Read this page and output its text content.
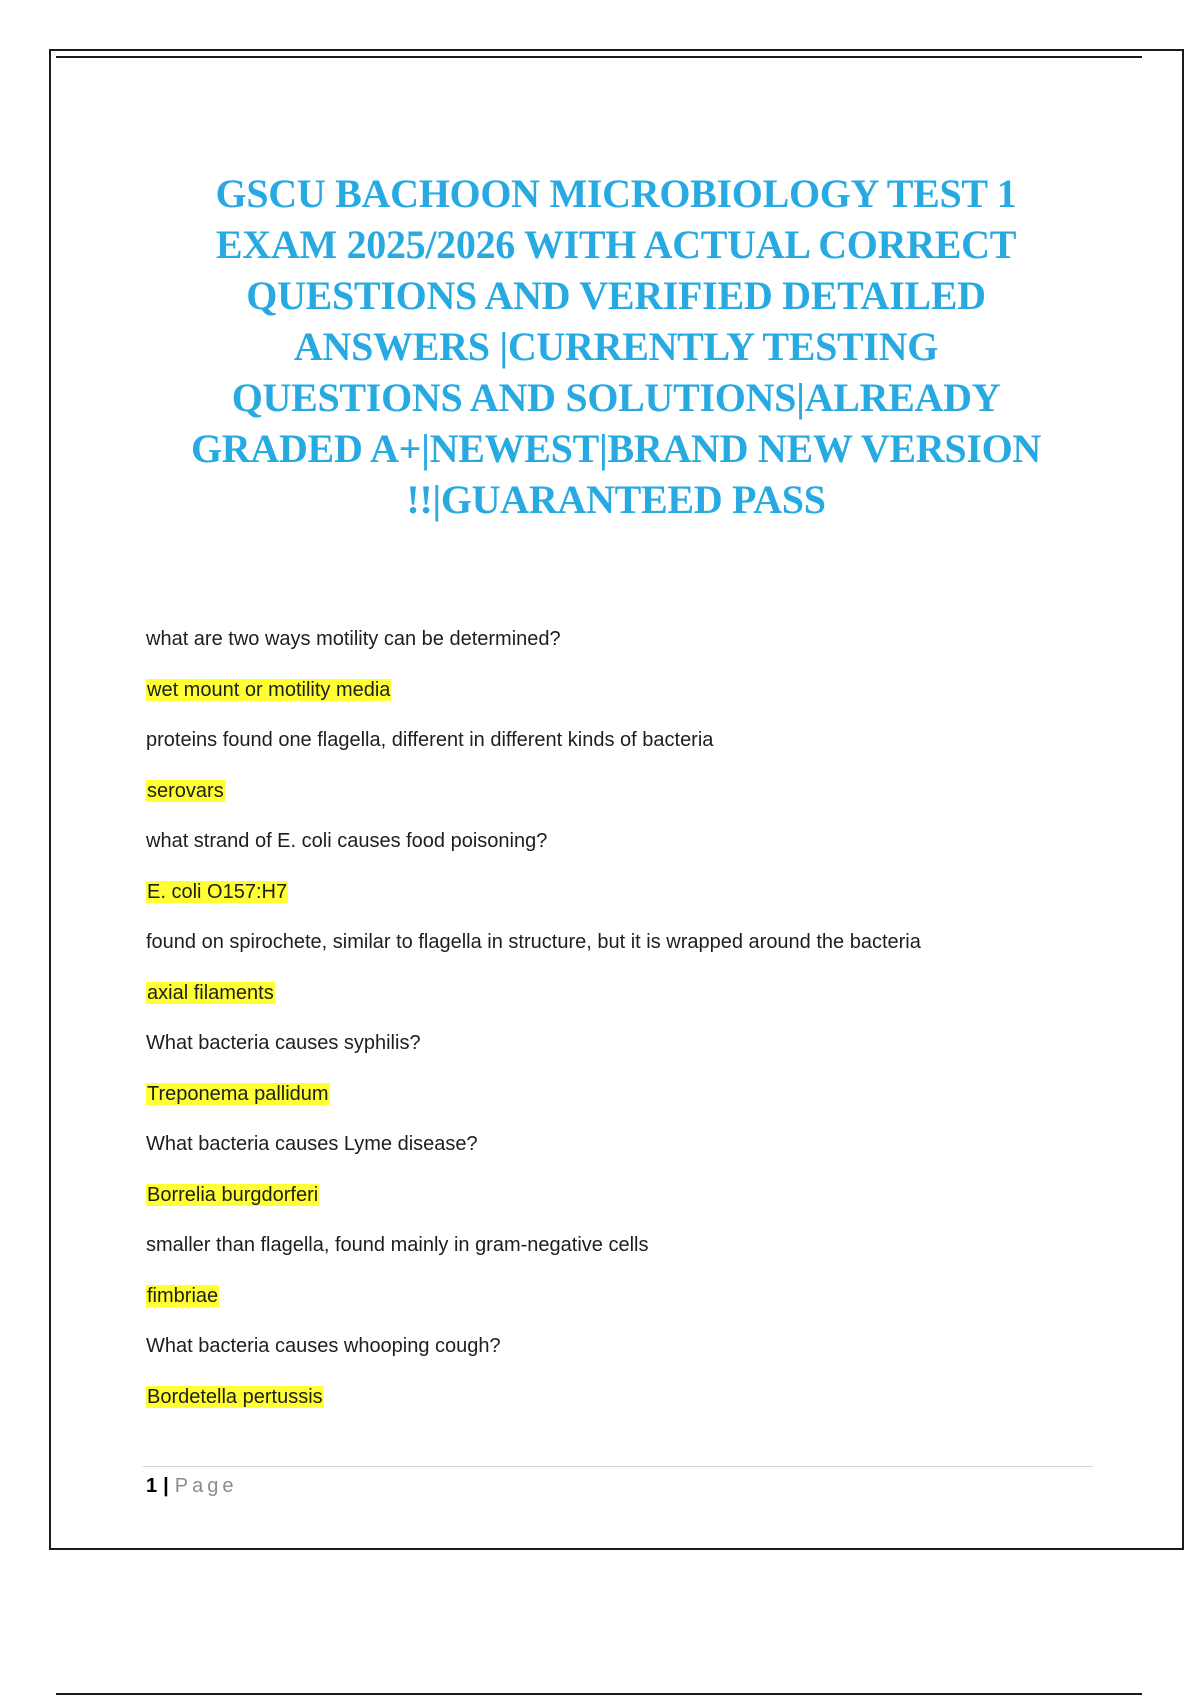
GSCU BACHOON MICROBIOLOGY TEST 1
EXAM 2025/2026 WITH ACTUAL CORRECT
QUESTIONS AND VERIFIED DETAILED
ANSWERS |CURRENTLY TESTING
QUESTIONS AND SOLUTIONS|ALREADY
GRADED A+|NEWEST|BRAND NEW VERSION
!!|GUARANTEED PASS
what are two ways motility can be determined?
wet mount or motility media
proteins found one flagella, different in different kinds of bacteria
serovars
what strand of E. coli causes food poisoning?
E. coli O157:H7
found on spirochete, similar to flagella in structure, but it is wrapped around the bacteria
axial filaments
What bacteria causes syphilis?
Treponema pallidum
What bacteria causes Lyme disease?
Borrelia burgdorferi
smaller than flagella, found mainly in gram-negative cells
fimbriae
What bacteria causes whooping cough?
Bordetella pertussis
1 | Page
